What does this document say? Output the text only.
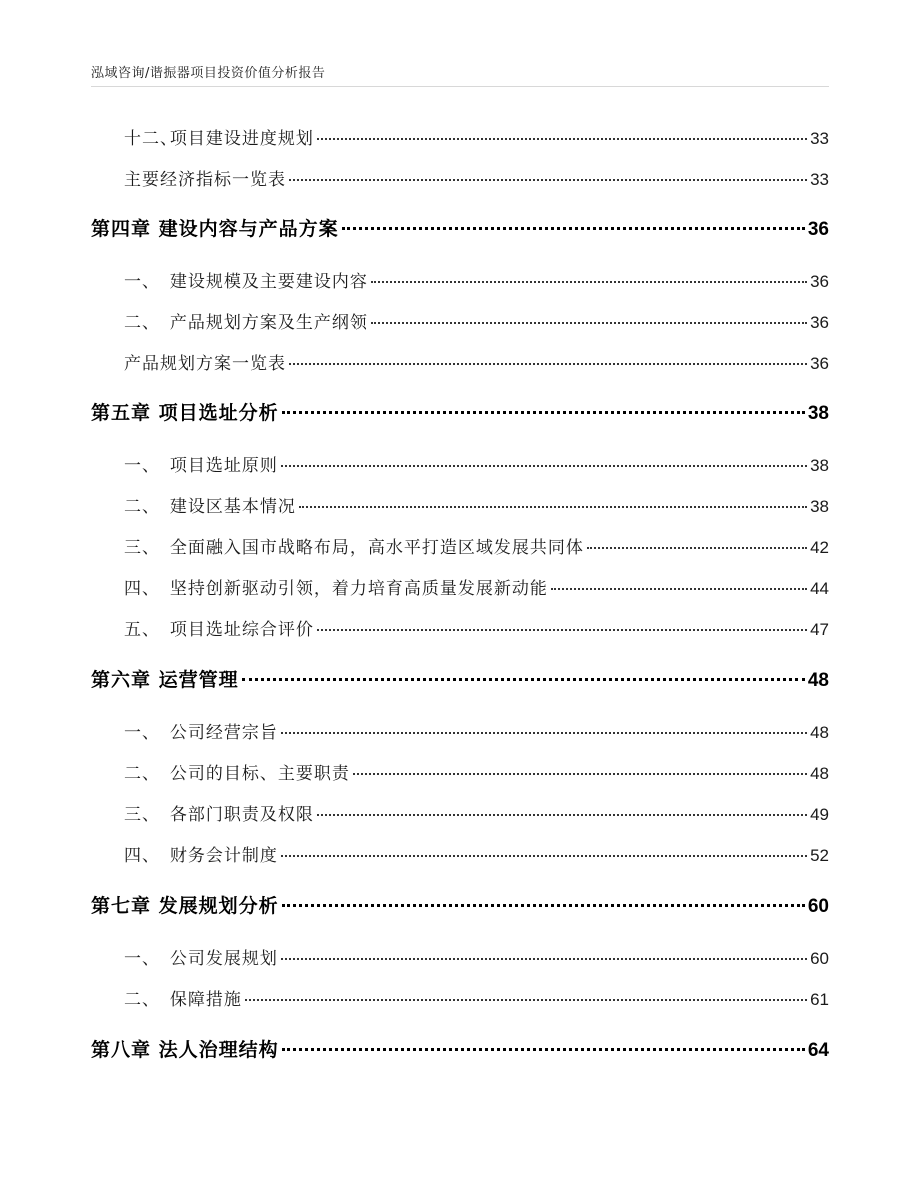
泓域咨询/谐振器项目投资价值分析报告
十二、项目建设进度规划	33
主要经济指标一览表	33
第四章 建设内容与产品方案	36
一、 建设规模及主要建设内容	36
二、 产品规划方案及生产纲领	36
产品规划方案一览表	36
第五章 项目选址分析	38
一、 项目选址原则	38
二、 建设区基本情况	38
三、 全面融入国市战略布局，高水平打造区域发展共同体	42
四、 坚持创新驱动引领，着力培育高质量发展新动能	44
五、 项目选址综合评价	47
第六章 运营管理	48
一、 公司经营宗旨	48
二、 公司的目标、主要职责	48
三、 各部门职责及权限	49
四、 财务会计制度	52
第七章 发展规划分析	60
一、 公司发展规划	60
二、 保障措施	61
第八章 法人治理结构	64
